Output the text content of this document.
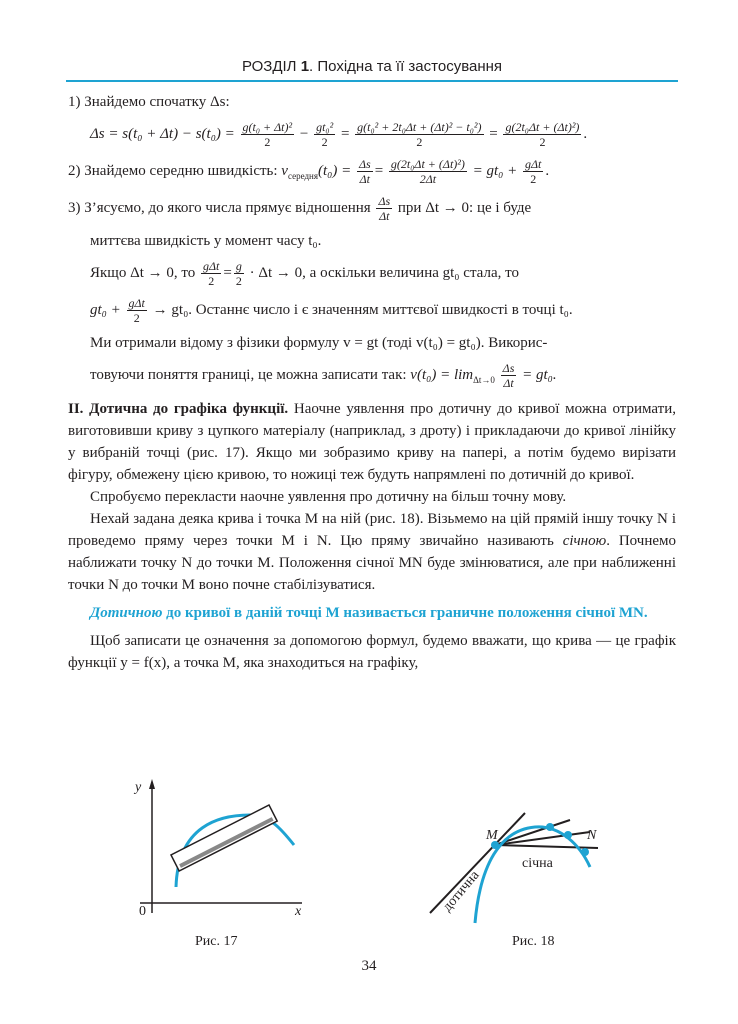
РОЗДІЛ 1. Похідна та її застосування
1) Знайдемо спочатку Δs:
$\Delta s = s(t_0 + \Delta t) - s(t_0) = \frac{\text{g(t₀ + Δt)²}}{2} - \frac{\text{gt₀²}}{2} = \frac{\text{g(t₀² + 2t₀Δt + (Δt)² − t₀²)}}{2} = \frac{\text{g(2t₀Δt + (Δt)²)}}{2}$ .
2) Знайдемо середню швидкість: $v_{середня}(t_0) = \frac{\Delta s}{\Delta t} = \frac{\text{g(2t₀Δt + (Δt)²)}}{2\Delta t} = gt_0 + g\Delta t$
2
.
3) З’ясуємо, до якого числа прямує відношення $\frac{\Delta s}{\Delta t}$ при Δt → 0: це і буде
миттєва швидкість у момент часу t₀.
Якщо Δt → 0, то gΔt
2
= $\frac{g}{2} \cdot \Delta t \to 0$, а оскільки величина gt₀ стала, то
gt₀ + gΔt
2
→ gt₀. Останнє число і є значенням миттєвої швидкості в точці t₀.
Ми отримали відому з фізики формулу v = gt (тоді v(t₀) = gt₀). Викорис-
товуючи поняття границі, це можна записати так: $v(t_0) = \lim_{\Delta t\to 0} \frac{\Delta s}{\Delta t} = gt_0$.

ІІ. Дотична до графіка функції. Наочне уявлення про дотичну до кривої можна отримати, виготовивши криву з цупкого матеріалу (наприклад, з дроту) і прикладаючи до кривої лінійку у вибраній точці (рис. 17). Якщо ми зобразимо криву на папері, а потім будемо вирізати фігуру, обмежену цією кривою, то ножиці теж будуть напрямлені по дотичній до кривої.

Спробуємо перекласти наочне уявлення про дотичну на більш точну мову.

Нехай задана деяка крива і точка M на ній (рис. 18). Візьмемо на цій прямій іншу точку N і проведемо пряму через точки M і N. Цю пряму звичайно називають січною. Почнемо наближати точку N до точки M. Положення січної MN буде змінюватися, але при наближенні точки N до точки M воно почне стабілізуватися.

Дотичною до кривої в даній точці M називається граничне положення січної MN.

Щоб записати це означення за допомогою формул, будемо вважати, що крива — це графік функції y = f(x), а точка M, яка знаходиться на графіку,

y
x
0
Рис. 17
M	N
дотична
січна
Рис. 18
34
